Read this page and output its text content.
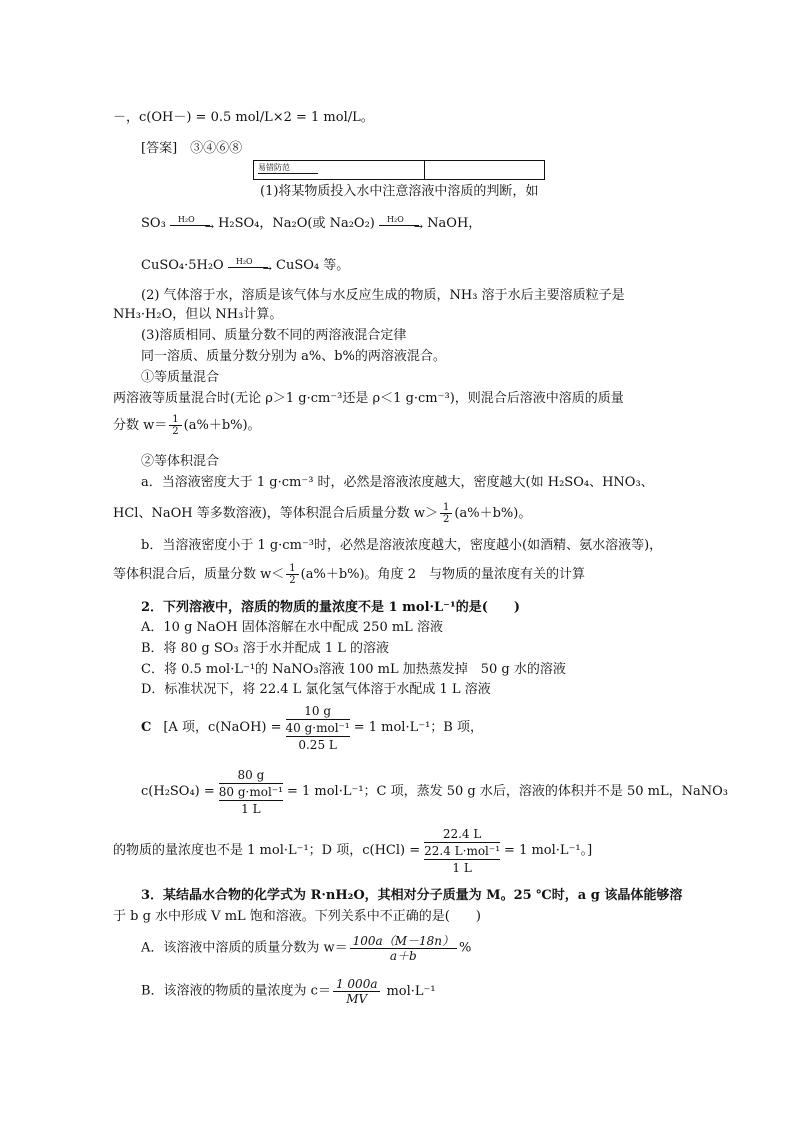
－，c(OH－) = 0.5 mol/L×2 = 1 mol/L。
[答案]　③④⑥⑧
易错防范
(1)将某物质投入水中注意溶液中溶质的判断，如
SO₃ H₂O
→ H₂SO₄，Na₂O(或 Na₂O₂) H₂O
→ NaOH，
CuSO₄·5H₂O H₂O
→ CuSO₄ 等。
(2) 气体溶于水，溶质是该气体与水反应生成的物质，NH₃ 溶于水后主要溶质粒子是
NH₃·H₂O，但以 NH₃计算。
(3)溶质相同、质量分数不同的两溶液混合定律
同一溶质、质量分数分别为 a%、b%的两溶液混合。
①等质量混合
两溶液等质量混合时(无论 ρ＞1 g·cm⁻³还是 ρ＜1 g·cm⁻³)，则混合后溶液中溶质的质量
分数 $w= \frac{1}{2} (a\%+b\%)$。
②等体积混合
a．当溶液密度大于 1 g·cm⁻³ 时，必然是溶液浓度越大，密度越大(如 H₂SO₄、HNO₃、
HCl、NaOH 等多数溶液)，等体积混合后质量分数 $w> \frac{1}{2} (a\%+b\%)$。
b．当溶液密度小于 1 g·cm⁻³时，必然是溶液浓度越大，密度越小(如酒精、氨水溶液等)，
等体积混合后，质量分数 $w< \frac{1}{2} (a\%+b\%)$。角度 2　与物质的量浓度有关的计算
2．下列溶液中，溶质的物质的量浓度不是 1 mol·L⁻¹的是(　　)
A．10 g NaOH 固体溶解在水中配成 250 mL 溶液
B．将 80 g SO₃ 溶于水并配成 1 L 的溶液
C．将 0.5 mol·L⁻¹的 NaNO₃溶液 100 mL 加热蒸发掉　50 g 水的溶液
D．标准状况下，将 22.4 L 氯化氢气体溶于水配成 1 L 溶液
C [A 项，c(NaOH) =
10 g
40 g·mol⁻¹
0.25 L
= 1 mol·L⁻¹；B 项，
c(H₂SO₄) =
80 g
80 g·mol⁻¹
1 L
= 1 mol·L⁻¹；C 项，蒸发 50 g 水后，溶液的体积并不是 50 mL，NaNO₃
的物质的量浓度也不是 1 mol·L⁻¹；D 项，c(HCl) =
22.4 L
22.4 L·mol⁻¹
1 L
= 1 mol·L⁻¹。]
3．某结晶水合物的化学式为 R·nH₂O，其相对分子质量为 M。25 ℃时，a g 该晶体能够溶
于 b g 水中形成 V mL 饱和溶液。下列关系中不正确的是(　　)
A．该溶液中溶质的质量分数为 $w= \frac{100a(M-18n)}{a+b}$ %
B．该溶液的物质的量浓度为 $c= \frac{1 000a}{MV} mol\cdot L^{-1}$
